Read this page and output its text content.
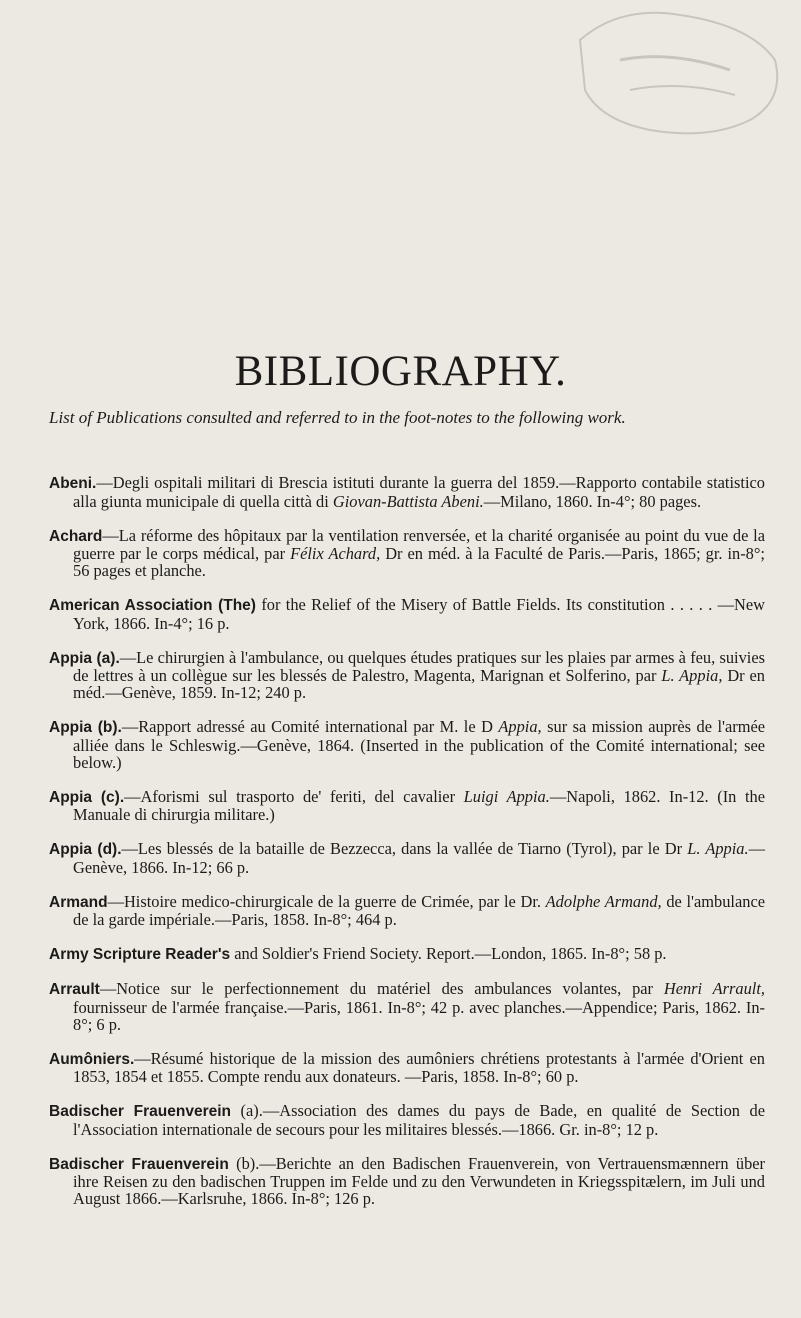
BIBLIOGRAPHY.
List of Publications consulted and referred to in the foot-notes to the following work.

Abeni.—Degli ospitali militari di Brescia istituti durante la guerra del 1859.—Rapporto contabile statistico alla giunta municipale di quella città di Giovan-Battista Abeni.—Milano, 1860. In-4°; 80 pages.

Achard—La réforme des hôpitaux par la ventilation renversée, et la charité organisée au point du vue de la guerre par le corps médical, par Félix Achard, Dr en méd. à la Faculté de Paris.—Paris, 1865; gr. in-8°; 56 pages et planche.

American Association (The) for the Relief of the Misery of Battle Fields. Its constitution . . . . . —New York, 1866. In-4°; 16 p.

Appia (a).—Le chirurgien à l'ambulance, ou quelques études pratiques sur les plaies par armes à feu, suivies de lettres à un collègue sur les blessés de Palestro, Magenta, Marignan et Solferino, par L. Appia, Dr en méd.—Genève, 1859. In-12; 240 p.

Appia (b).—Rapport adressé au Comité international par M. le D Appia, sur sa mission auprès de l'armée alliée dans le Schleswig.—Genève, 1864. (Inserted in the publication of the Comité international; see below.)

Appia (c).—Aforismi sul trasporto de' feriti, del cavalier Luigi Appia.—Napoli, 1862. In-12. (In the Manuale di chirurgia militare.)

Appia (d).—Les blessés de la bataille de Bezzecca, dans la vallée de Tiarno (Tyrol), par le Dr L. Appia.—Genève, 1866. In-12; 66 p.

Armand—Histoire medico-chirurgicale de la guerre de Crimée, par le Dr. Adolphe Armand, de l'ambulance de la garde impériale.—Paris, 1858. In-8°; 464 p.

Army Scripture Reader's and Soldier's Friend Society. Report.—London, 1865. In-8°; 58 p.

Arrault—Notice sur le perfectionnement du matériel des ambulances volantes, par Henri Arrault, fournisseur de l'armée française.—Paris, 1861. In-8°; 42 p. avec planches.—Appendice; Paris, 1862. In-8°; 6 p.

Aumôniers.—Résumé historique de la mission des aumôniers chrétiens protestants à l'armée d'Orient en 1853, 1854 et 1855. Compte rendu aux donateurs. —Paris, 1858. In-8°; 60 p.

Badischer Frauenverein (a).—Association des dames du pays de Bade, en qualité de Section de l'Association internationale de secours pour les militaires blessés.—1866. Gr. in-8°; 12 p.

Badischer Frauenverein (b).—Berichte an den Badischen Frauenverein, von Vertrauensmænnern über ihre Reisen zu den badischen Truppen im Felde und zu den Verwundeten in Kriegsspitælern, im Juli und August 1866.—Karlsruhe, 1866. In-8°; 126 p.
